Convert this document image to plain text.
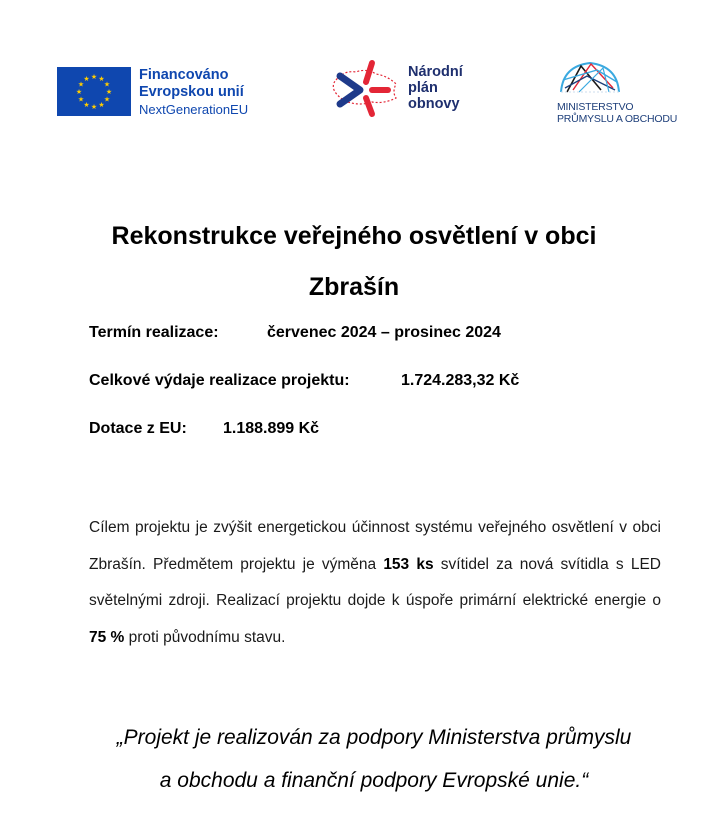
★ ★
★
★
★
★
★
★
★
★
★
★	Financováno
Evropskou unií
NextGenerationEU
Národní
plán
obnovy	MINISTERSTVO
PRŮMYSLU A OBCHODU
Rekonstrukce veřejného osvětlení v obci
Zbrašín
Termín realizace:	červenec 2024 – prosinec 2024
Celkové výdaje realizace projektu:	1.724.283,32 Kč
Dotace z EU: 1.188.899 Kč
Cílem projektu je zvýšit energetickou účinnost systému veřejného osvětlení v obci Zbrašín. Předmětem projektu je výměna 153 ks svítidel za nová svítidla s LED světelnými zdroji. Realizací projektu dojde k úspoře primární elektrické energie o 75 % proti původnímu stavu.
„Projekt je realizován za podpory Ministerstva průmyslu
a obchodu a finanční podpory Evropské unie.“
